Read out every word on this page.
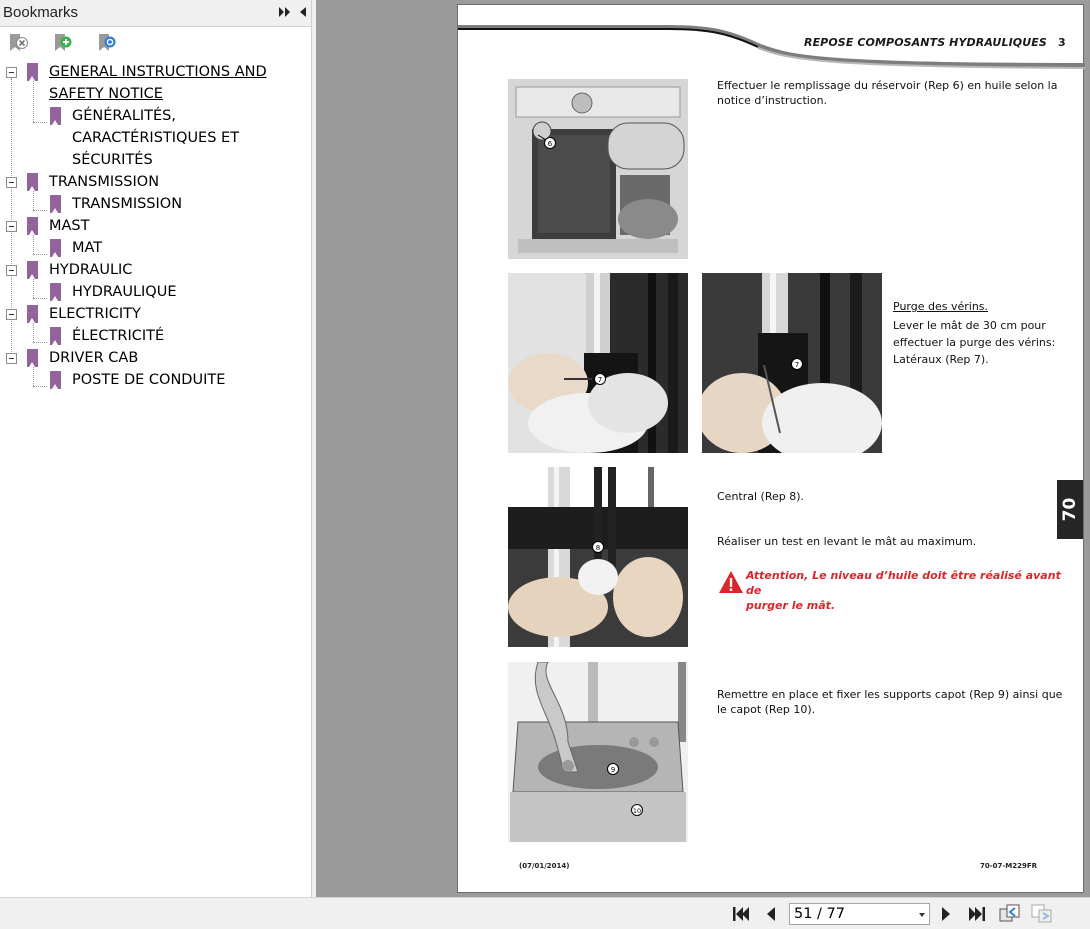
Bookmarks
GENERAL INSTRUCTIONS AND
SAFETY NOTICE
GÉNÉRALITÉS,
CARACTÉRISTIQUES ET
SÉCURITÉS
TRANSMISSION
TRANSMISSION
MAST
MAT
HYDRAULIC
HYDRAULIQUE
ELECTRICITY
ÉLECTRICITÉ
DRIVER CAB
POSTE DE CONDUITE
REPOSE COMPOSANTS HYDRAULIQUES 3
6
Effectuer le remplissage du réservoir (Rep 6) en huile selon la
notice d’instruction.
7
7
Purge des vérins.
Lever le mât de 30 cm pour
effectuer la purge des vérins:
Latéraux (Rep 7).
8
Central (Rep 8).
Réaliser un test en levant le mât au maximum.
Attention, Le niveau d’huile doit être réalisé avant de
purger le mât.
9
10
Remettre en place et fixer les supports capot (Rep 9) ainsi que
le capot (Rep 10).
(07/01/2014)	70-07-M229FR
70
51 / 77
